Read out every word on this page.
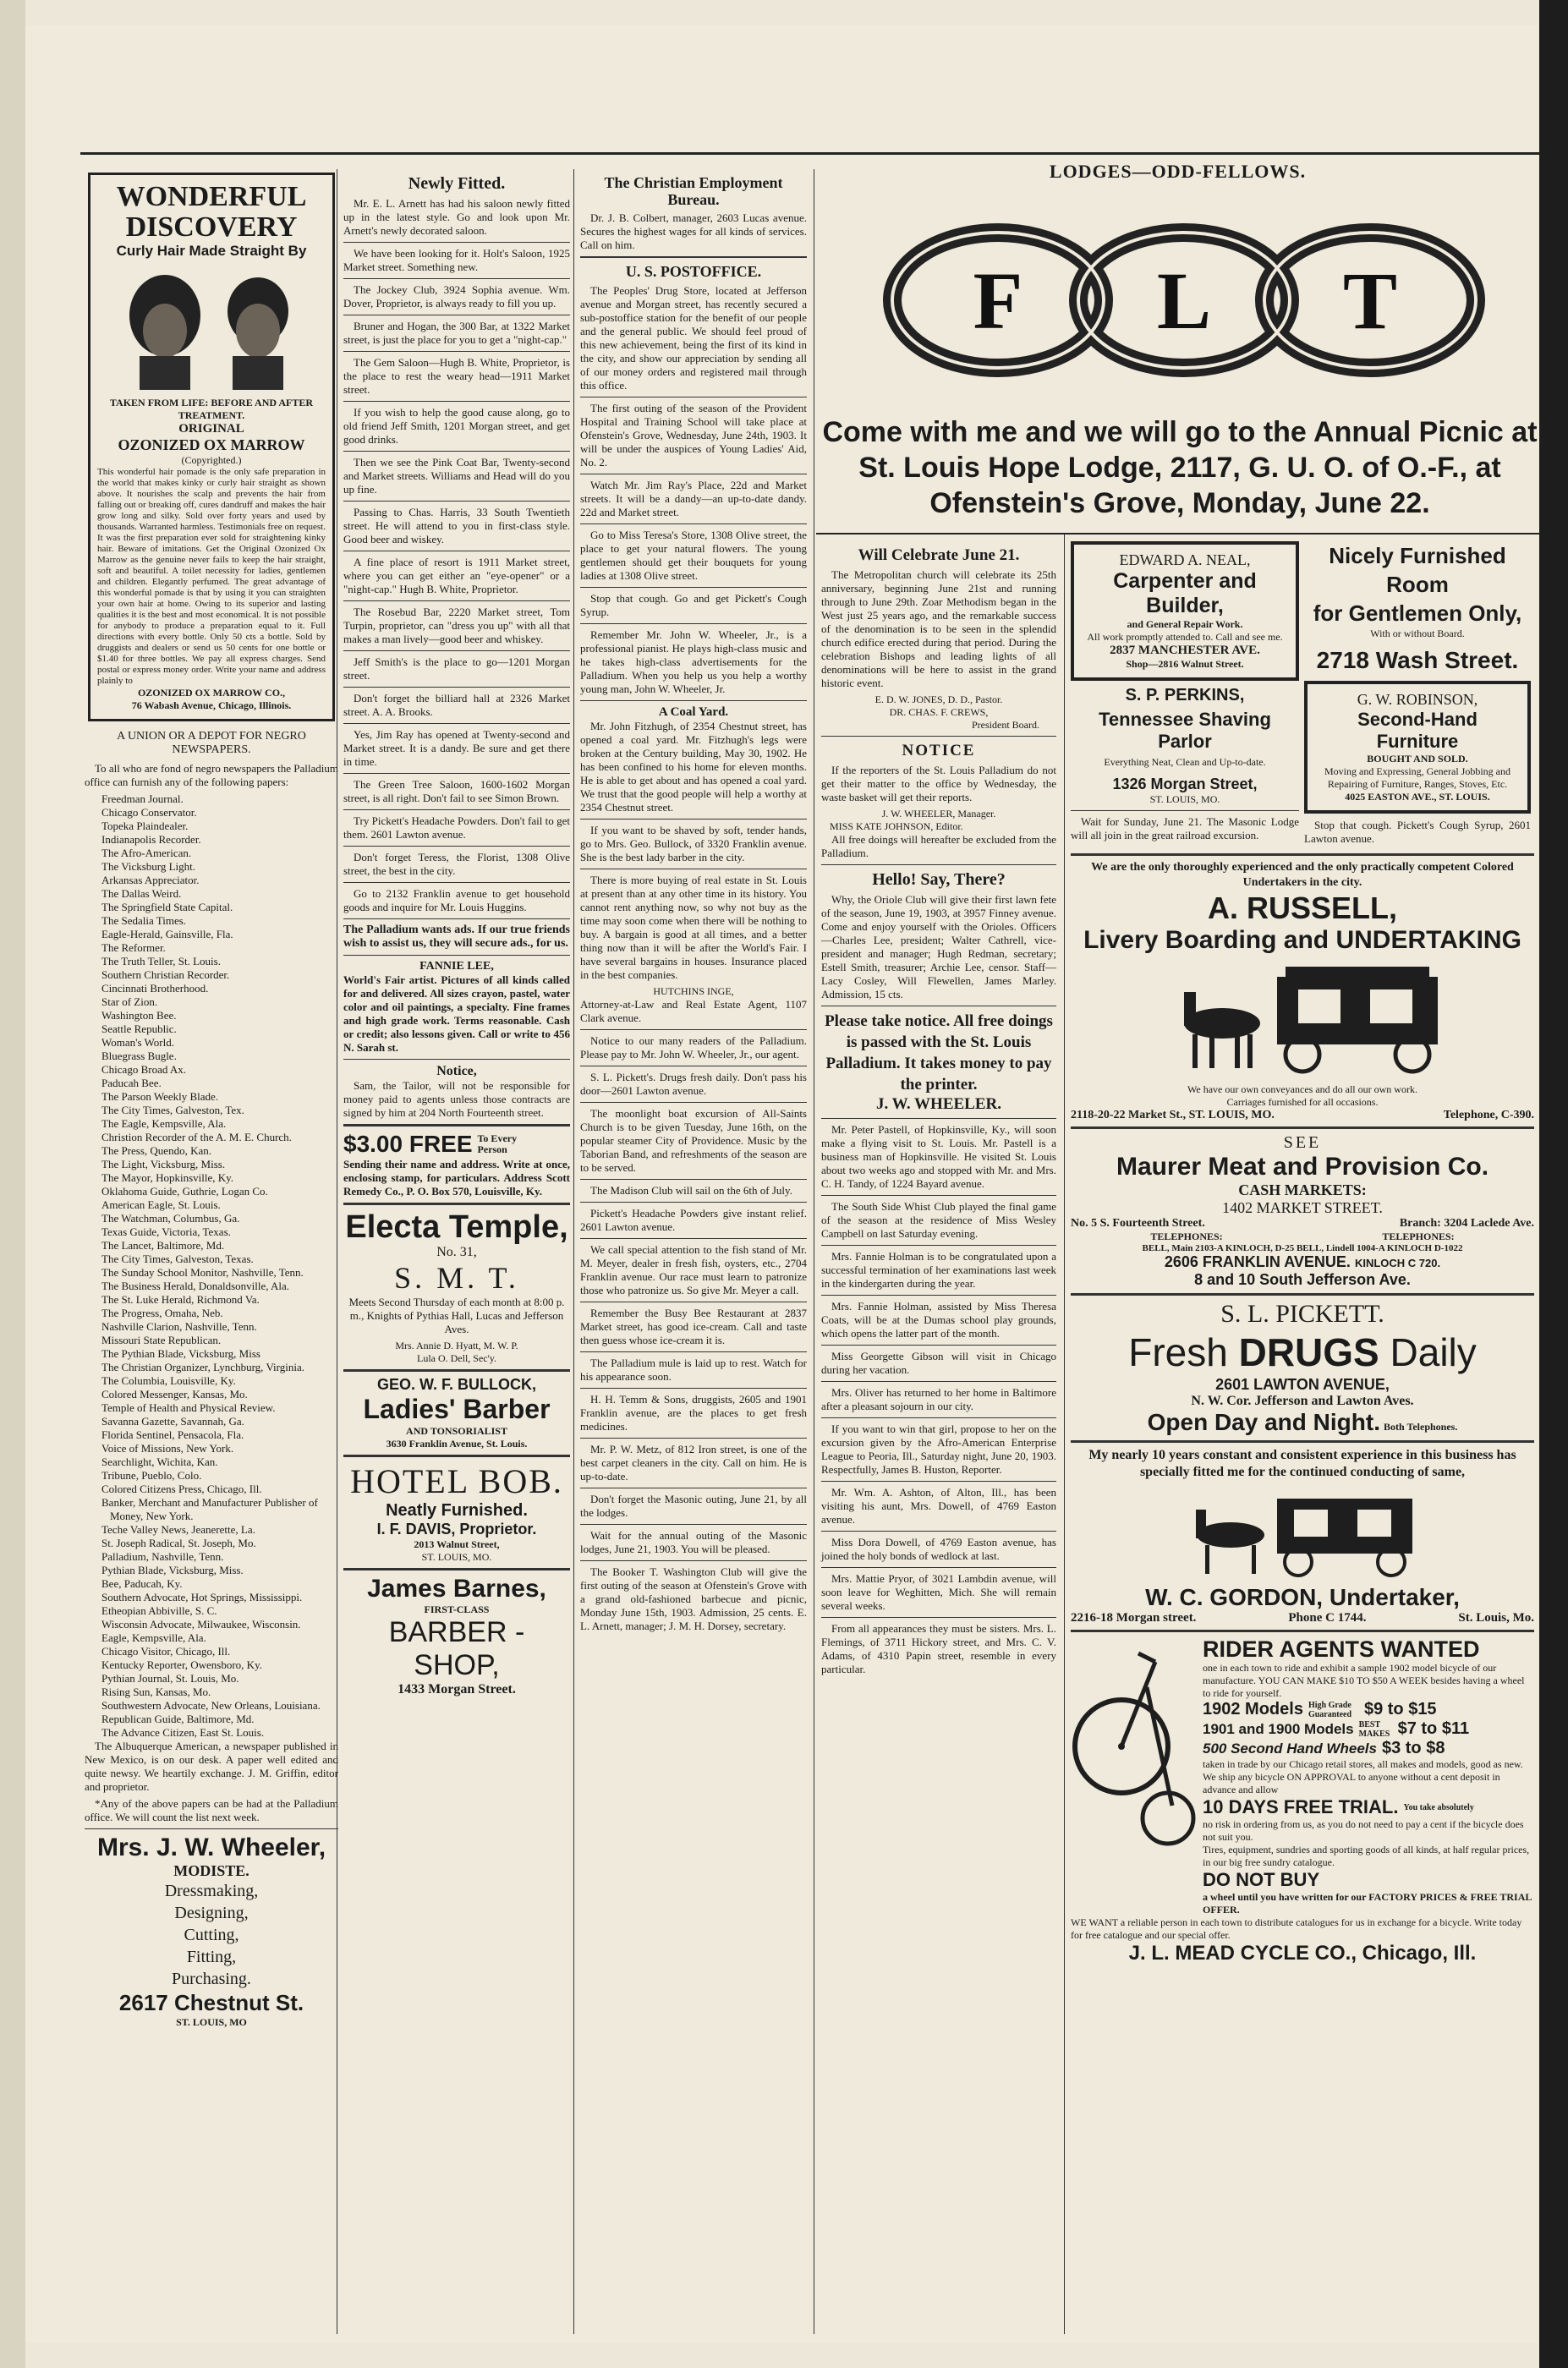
LODGES—ODD-FELLOWS.
F L T
Come with me and we will go to the Annual Picnic at St. Louis Hope Lodge, 2117, G. U. O. of O.-F., at Ofenstein's Grove, Monday, June 22.
WONDERFUL
DISCOVERY
Curly Hair Made Straight By
TAKEN FROM LIFE: BEFORE AND AFTER TREATMENT.
ORIGINAL
OZONIZED OX MARROW
(Copyrighted.)
This wonderful hair pomade is the only safe preparation in the world that makes kinky or curly hair straight as shown above. It nourishes the scalp and prevents the hair from falling out or breaking off, cures dandruff and makes the hair grow long and silky. Sold over forty years and used by thousands. Warranted harmless. Testimonials free on request. It was the first preparation ever sold for straightening kinky hair. Beware of imitations. Get the Original Ozonized Ox Marrow as the genuine never fails to keep the hair straight, soft and beautiful. A toilet necessity for ladies, gentlemen and children. Elegantly perfumed. The great advantage of this wonderful pomade is that by using it you can straighten your own hair at home. Owing to its superior and lasting qualities it is the best and most economical. It is not possible for anybody to produce a preparation equal to it. Full directions with every bottle. Only 50 cts a bottle. Sold by druggists and dealers or send us 50 cents for one bottle or $1.40 for three bottles. We pay all express charges. Send postal or express money order. Write your name and address plainly to
OZONIZED OX MARROW CO.,
76 Wabash Avenue, Chicago, Illinois.
A UNION OR A DEPOT FOR NEGRO NEWSPAPERS.
To all who are fond of negro newspapers the Palladium office can furnish any of the following papers:
Freedman Journal.
Chicago Conservator.
Topeka Plaindealer.
Indianapolis Recorder.
The Afro-American.
The Vicksburg Light.
Arkansas Appreciator.
The Dallas Weird.
The Springfield State Capital.
The Sedalia Times.
Eagle-Herald, Gainsville, Fla.
The Reformer.
The Truth Teller, St. Louis.
Southern Christian Recorder.
Cincinnati Brotherhood.
Star of Zion.
Washington Bee.
Seattle Republic.
Woman's World.
Bluegrass Bugle.
Chicago Broad Ax.
Paducah Bee.
The Parson Weekly Blade.
The City Times, Galveston, Tex.
The Eagle, Kempsville, Ala.
Christion Recorder of the A. M. E. Church.
The Press, Quendo, Kan.
The Light, Vicksburg, Miss.
The Mayor, Hopkinsville, Ky.
Oklahoma Guide, Guthrie, Logan Co.
American Eagle, St. Louis.
The Watchman, Columbus, Ga.
Texas Guide, Victoria, Texas.
The Lancet, Baltimore, Md.
The City Times, Galveston, Texas.
The Sunday School Monitor, Nashville, Tenn.
The Business Herald, Donaldsonville, Ala.
The St. Luke Herald, Richmond Va.
The Progress, Omaha, Neb.
Nashville Clarion, Nashville, Tenn.
Missouri State Republican.
The Pythian Blade, Vicksburg, Miss
The Christian Organizer, Lynchburg, Virginia.
The Columbia, Louisville, Ky.
Colored Messenger, Kansas, Mo.
Temple of Health and Physical Review.
Savanna Gazette, Savannah, Ga.
Florida Sentinel, Pensacola, Fla.
Voice of Missions, New York.
Searchlight, Wichita, Kan.
Tribune, Pueblo, Colo.
Colored Citizens Press, Chicago, Ill.
Banker, Merchant and Manufacturer Publisher of Money, New York.
Teche Valley News, Jeanerette, La.
St. Joseph Radical, St. Joseph, Mo.
Palladium, Nashville, Tenn.
Pythian Blade, Vicksburg, Miss.
Bee, Paducah, Ky.
Southern Advocate, Hot Springs, Mississippi.
Etheopian Abbiville, S. C.
Wisconsin Advocate, Milwaukee, Wisconsin.
Eagle, Kempsville, Ala.
Chicago Visitor, Chicago, Ill.
Kentucky Reporter, Owensboro, Ky.
Pythian Journal, St. Louis, Mo.
Rising Sun, Kansas, Mo.
Southwestern Advocate, New Orleans, Louisiana.
Republican Guide, Baltimore, Md.
The Advance Citizen, East St. Louis.
The Albuquerque American, a newspaper published in New Mexico, is on our desk. A paper well edited and quite newsy. We heartily exchange. J. M. Griffin, editor and proprietor.
*Any of the above papers can be had at the Palladium office. We will count the list next week.
Mrs. J. W. Wheeler,
MODISTE.
Dressmaking,
Designing,
Cutting,
Fitting,
Purchasing.
2617 Chestnut St.
ST. LOUIS, MO
Newly Fitted.
Mr. E. L. Arnett has had his saloon newly fitted up in the latest style. Go and look upon Mr. Arnett's newly decorated saloon.
We have been looking for it. Holt's Saloon, 1925 Market street. Something new.
The Jockey Club, 3924 Sophia avenue. Wm. Dover, Proprietor, is always ready to fill you up.
Bruner and Hogan, the 300 Bar, at 1322 Market street, is just the place for you to get a "night-cap."
The Gem Saloon—Hugh B. White, Proprietor, is the place to rest the weary head—1911 Market street.
If you wish to help the good cause along, go to old friend Jeff Smith, 1201 Morgan street, and get good drinks.
Then we see the Pink Coat Bar, Twenty-second and Market streets. Williams and Head will do you up fine.
Passing to Chas. Harris, 33 South Twentieth street. He will attend to you in first-class style. Good beer and wiskey.
A fine place of resort is 1911 Market street, where you can get either an "eye-opener" or a "night-cap." Hugh B. White, Proprietor.
The Rosebud Bar, 2220 Market street, Tom Turpin, proprietor, can "dress you up" with all that makes a man lively—good beer and whiskey.
Jeff Smith's is the place to go—1201 Morgan street.
Don't forget the billiard hall at 2326 Market street. A. A. Brooks.
Yes, Jim Ray has opened at Twenty-second and Market street. It is a dandy. Be sure and get there in time.
The Green Tree Saloon, 1600-1602 Morgan street, is all right. Don't fail to see Simon Brown.
Try Pickett's Headache Powders. Don't fail to get them. 2601 Lawton avenue.
Don't forget Teress, the Florist, 1308 Olive street, the best in the city.
Go to 2132 Franklin avenue to get household goods and inquire for Mr. Louis Huggins.
The Palladium wants ads. If our true friends wish to assist us, they will secure ads., for us.
FANNIE LEE,
World's Fair artist. Pictures of all kinds called for and delivered. All sizes crayon, pastel, water color and oil paintings, a specialty. Fine frames and high grade work. Terms reasonable. Cash or credit; also lessons given. Call or write to 456 N. Sarah st.
Notice,
Sam, the Tailor, will not be responsible for money paid to agents unless those contracts are signed by him at 204 North Fourteenth street.
$3.00 FREE To Every Person
Sending their name and address. Write at once, enclosing stamp, for particulars. Address Scott Remedy Co., P. O. Box 570, Louisville, Ky.
Electa Temple,
No. 31,
S. M. T.
Meets Second Thursday of each month at 8:00 p. m., Knights of Pythias Hall, Lucas and Jefferson Aves.
Mrs. Annie D. Hyatt, M. W. P.
Lula O. Dell, Sec'y.
GEO. W. F. BULLOCK,
Ladies' Barber
AND TONSORIALIST
3630 Franklin Avenue, St. Louis.
HOTEL BOB.
Neatly Furnished.
I. F. DAVIS, Proprietor.
2013 Walnut Street,
ST. LOUIS, MO.
James Barnes,
FIRST-CLASS
BARBER - SHOP,
1433 Morgan Street.
The Christian Employment Bureau.
Dr. J. B. Colbert, manager, 2603 Lucas avenue. Secures the highest wages for all kinds of services. Call on him.
U. S. POSTOFFICE.
The Peoples' Drug Store, located at Jefferson avenue and Morgan street, has recently secured a sub-postoffice station for the benefit of our people and the general public. We should feel proud of this new achievement, being the first of its kind in the city, and show our appreciation by sending all of our money orders and registered mail through this office.
The first outing of the season of the Provident Hospital and Training School will take place at Ofenstein's Grove, Wednesday, June 24th, 1903. It will be under the auspices of Young Ladies' Aid, No. 2.
Watch Mr. Jim Ray's Place, 22d and Market streets. It will be a dandy—an up-to-date dandy. 22d and Market street.
Go to Miss Teresa's Store, 1308 Olive street, the place to get your natural flowers. The young gentlemen should get their bouquets for young ladies at 1308 Olive street.
Stop that cough. Go and get Pickett's Cough Syrup.
Remember Mr. John W. Wheeler, Jr., is a professional pianist. He plays high-class music and he takes high-class advertisements for the Palladium. When you help us you help a worthy young man, John W. Wheeler, Jr.
A Coal Yard.
Mr. John Fitzhugh, of 2354 Chestnut street, has opened a coal yard. Mr. Fitzhugh's legs were broken at the Century building, May 30, 1902. He has been confined to his home for eleven months. He is able to get about and has opened a coal yard. We trust that the good people will help a worthy at 2354 Chestnut street.
If you want to be shaved by soft, tender hands, go to Mrs. Geo. Bullock, of 3320 Franklin avenue. She is the best lady barber in the city.
There is more buying of real estate in St. Louis at present than at any other time in its history. You cannot rent anything now, so why not buy as the time may soon come when there will be nothing to buy. A bargain is good at all times, and a better thing now than it will be after the World's Fair. I have several bargains in houses. Insurance placed in the best companies.
HUTCHINS INGE,
Attorney-at-Law and Real Estate Agent, 1107 Clark avenue.
Notice to our many readers of the Palladium. Please pay to Mr. John W. Wheeler, Jr., our agent.
S. L. Pickett's. Drugs fresh daily. Don't pass his door—2601 Lawton avenue.
The moonlight boat excursion of All-Saints Church is to be given Tuesday, June 16th, on the popular steamer City of Providence. Music by the Taborian Band, and refreshments of the season are to be served.
The Madison Club will sail on the 6th of July.
Pickett's Headache Powders give instant relief. 2601 Lawton avenue.
We call special attention to the fish stand of Mr. M. Meyer, dealer in fresh fish, oysters, etc., 2704 Franklin avenue. Our race must learn to patronize those who patronize us. So give Mr. Meyer a call.
Remember the Busy Bee Restaurant at 2837 Market street, has good ice-cream. Call and taste then guess whose ice-cream it is.
The Palladium mule is laid up to rest. Watch for his appearance soon.
H. H. Temm & Sons, druggists, 2605 and 1901 Franklin avenue, are the places to get fresh medicines.
Mr. P. W. Metz, of 812 Iron street, is one of the best carpet cleaners in the city. Call on him. He is up-to-date.
Don't forget the Masonic outing, June 21, by all the lodges.
Wait for the annual outing of the Masonic lodges, June 21, 1903. You will be pleased.
The Booker T. Washington Club will give the first outing of the season at Ofenstein's Grove with a grand old-fashioned barbecue and picnic, Monday June 15th, 1903. Admission, 25 cents. E. L. Arnett, manager; J. M. H. Dorsey, secretary.
Will Celebrate June 21.
The Metropolitan church will celebrate its 25th anniversary, beginning June 21st and running through to June 29th. Zoar Methodism began in the West just 25 years ago, and the remarkable success of the denomination is to be seen in the splendid church edifice erected during that period. During the celebration Bishops and leading lights of all denominations will be here to assist in the grand historic event.
E. D. W. JONES, D. D., Pastor.
DR. CHAS. F. CREWS,
President Board.
NOTICE
If the reporters of the St. Louis Palladium do not get their matter to the office by Wednesday, the waste basket will get their reports.
J. W. WHEELER, Manager.
MISS KATE JOHNSON, Editor.
All free doings will hereafter be excluded from the Palladium.
Hello! Say, There?
Why, the Oriole Club will give their first lawn fete of the season, June 19, 1903, at 3957 Finney avenue. Come and enjoy yourself with the Orioles. Officers—Charles Lee, president; Walter Cathrell, vice-president and manager; Hugh Redman, secretary; Estell Smith, treasurer; Archie Lee, censor. Staff—Lacy Cosley, Will Flewellen, James Marley. Admission, 15 cts.
Please take notice. All free doings is passed with the St. Louis Palladium. It takes money to pay the printer.
J. W. WHEELER.
Mr. Peter Pastell, of Hopkinsville, Ky., will soon make a flying visit to St. Louis. Mr. Pastell is a business man of Hopkinsville. He visited St. Louis about two weeks ago and stopped with Mr. and Mrs. C. H. Tandy, of 1224 Bayard avenue.
The South Side Whist Club played the final game of the season at the residence of Miss Wesley Campbell on last Saturday evening.
Mrs. Fannie Holman is to be congratulated upon a successful termination of her examinations last week in the kindergarten during the year.
Mrs. Fannie Holman, assisted by Miss Theresa Coats, will be at the Dumas school play grounds, which opens the latter part of the month.
Miss Georgette Gibson will visit in Chicago during her vacation.
Mrs. Oliver has returned to her home in Baltimore after a pleasant sojourn in our city.
If you want to win that girl, propose to her on the excursion given by the Afro-American Enterprise League to Peoria, Ill., Saturday night, June 20, 1903. Respectfully, James B. Huston, Reporter.
Mr. Wm. A. Ashton, of Alton, Ill., has been visiting his aunt, Mrs. Dowell, of 4769 Easton avenue.
Miss Dora Dowell, of 4769 Easton avenue, has joined the holy bonds of wedlock at last.
Mrs. Mattie Pryor, of 3021 Lambdin avenue, will soon leave for Weghitten, Mich. She will remain several weeks.
From all appearances they must be sisters. Mrs. L. Flemings, of 3711 Hickory street, and Mrs. C. V. Adams, of 4310 Papin street, resemble in every particular.
EDWARD A. NEAL,
Carpenter and Builder,
and General Repair Work.
All work promptly attended to. Call and see me.
2837 MANCHESTER AVE.
Shop—2816 Walnut Street.
S. P. PERKINS,
Tennessee Shaving Parlor
Everything Neat, Clean and Up-to-date.
1326 Morgan Street,
ST. LOUIS, MO.
Wait for Sunday, June 21. The Masonic Lodge will all join in the great railroad excursion.
Nicely Furnished Room
for Gentlemen Only,
With or without Board.
2718 Wash Street.
G. W. ROBINSON,
Second-Hand Furniture
BOUGHT AND SOLD.
Moving and Expressing, General Jobbing and Repairing of Furniture, Ranges, Stoves, Etc.
4025 EASTON AVE., ST. LOUIS.
Stop that cough. Pickett's Cough Syrup, 2601 Lawton avenue.
We are the only thoroughly experienced and the only practically competent Colored Undertakers in the city.
A. RUSSELL,
Livery Boarding and UNDERTAKING
We have our own conveyances and do all our own work.
Carriages furnished for all occasions.
2118-20-22 Market St., ST. LOUIS, MO.	Telephone, C-390.
SEE
Maurer Meat and Provision Co.
CASH MARKETS:
1402 MARKET STREET.
No. 5 S. Fourteenth Street.	Branch: 3204 Laclede Ave.
TELEPHONES:	TELEPHONES:
BELL, Main 2103-A KINLOCH, D-25 BELL, Lindell 1004-A KINLOCH D-1022
2606 FRANKLIN AVENUE. KINLOCH C 720.
8 and 10 South Jefferson Ave.
S. L. PICKETT.
Fresh DRUGS Daily
2601 LAWTON AVENUE,
N. W. Cor. Jefferson and Lawton Aves.
Open Day and Night. Both Telephones.
My nearly 10 years constant and consistent experience in this business has specially fitted me for the continued conducting of same,
W. C. GORDON, Undertaker,
2216-18 Morgan street.	Phone C 1744.	St. Louis, Mo.
RIDER AGENTS WANTED
one in each town to ride and exhibit a sample 1902 model bicycle of our manufacture. YOU CAN MAKE $10 TO $50 A WEEK besides having a wheel to ride for yourself.
1902 Models High Grade Guaranteed $9 to $15
1901 and 1900 Models BEST MAKES $7 to $11
500 Second Hand Wheels $3 to $8
taken in trade by our Chicago retail stores, all makes and models, good as new.
We ship any bicycle ON APPROVAL to anyone without a cent deposit in advance and allow
10 DAYS FREE TRIAL. You take absolutely
no risk in ordering from us, as you do not need to pay a cent if the bicycle does not suit you.
Tires, equipment, sundries and sporting goods of all kinds, at half regular prices, in our big free sundry catalogue.
DO NOT BUY
a wheel until you have written for our FACTORY PRICES & FREE TRIAL OFFER.
WE WANT a reliable person in each town to distribute catalogues for us in exchange for a bicycle. Write today for free catalogue and our special offer.
J. L. MEAD CYCLE CO., Chicago, Ill.
